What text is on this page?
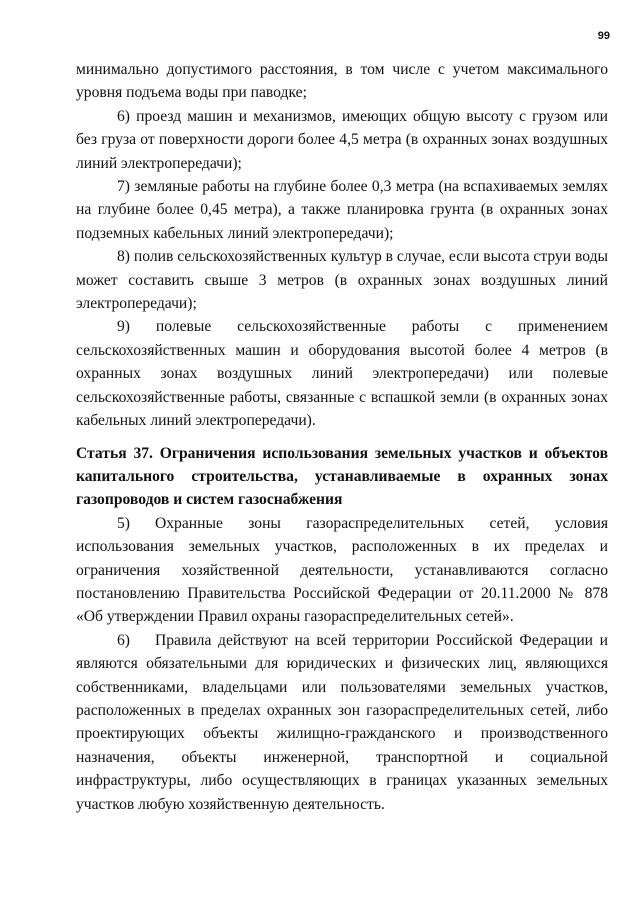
99

минимально допустимого расстояния, в том числе с учетом максимального уровня подъема воды при паводке;

6) проезд машин и механизмов, имеющих общую высоту с грузом или без груза от поверхности дороги более 4,5 метра (в охранных зонах воздушных линий электропередачи);

7) земляные работы на глубине более 0,3 метра (на вспахиваемых землях на глубине более 0,45 метра), а также планировка грунта (в охранных зонах подземных кабельных линий электропередачи);

8) полив сельскохозяйственных культур в случае, если высота струи воды может составить свыше 3 метров (в охранных зонах воздушных линий электропередачи);

9) полевые сельскохозяйственные работы с применением сельскохозяйственных машин и оборудования высотой более 4 метров (в охранных зонах воздушных линий электропередачи) или полевые сельскохозяйственные работы, связанные с вспашкой земли (в охранных зонах кабельных линий электропередачи).

Статья 37. Ограничения использования земельных участков и объектов капитального строительства, устанавливаемые в охранных зонах газопроводов и систем газоснабжения

5) Охранные зоны газораспределительных сетей, условия использования земельных участков, расположенных в их пределах и ограничения хозяйственной деятельности, устанавливаются согласно постановлению Правительства Российской Федерации от 20.11.2000 № 878 «Об утверждении Правил охраны газораспределительных сетей».

6) Правила действуют на всей территории Российской Федерации и являются обязательными для юридических и физических лиц, являющихся собственниками, владельцами или пользователями земельных участков, расположенных в пределах охранных зон газораспределительных сетей, либо проектирующих объекты жилищно-гражданского и производственного назначения, объекты инженерной, транспортной и социальной инфраструктуры, либо осуществляющих в границах указанных земельных участков любую хозяйственную деятельность.
